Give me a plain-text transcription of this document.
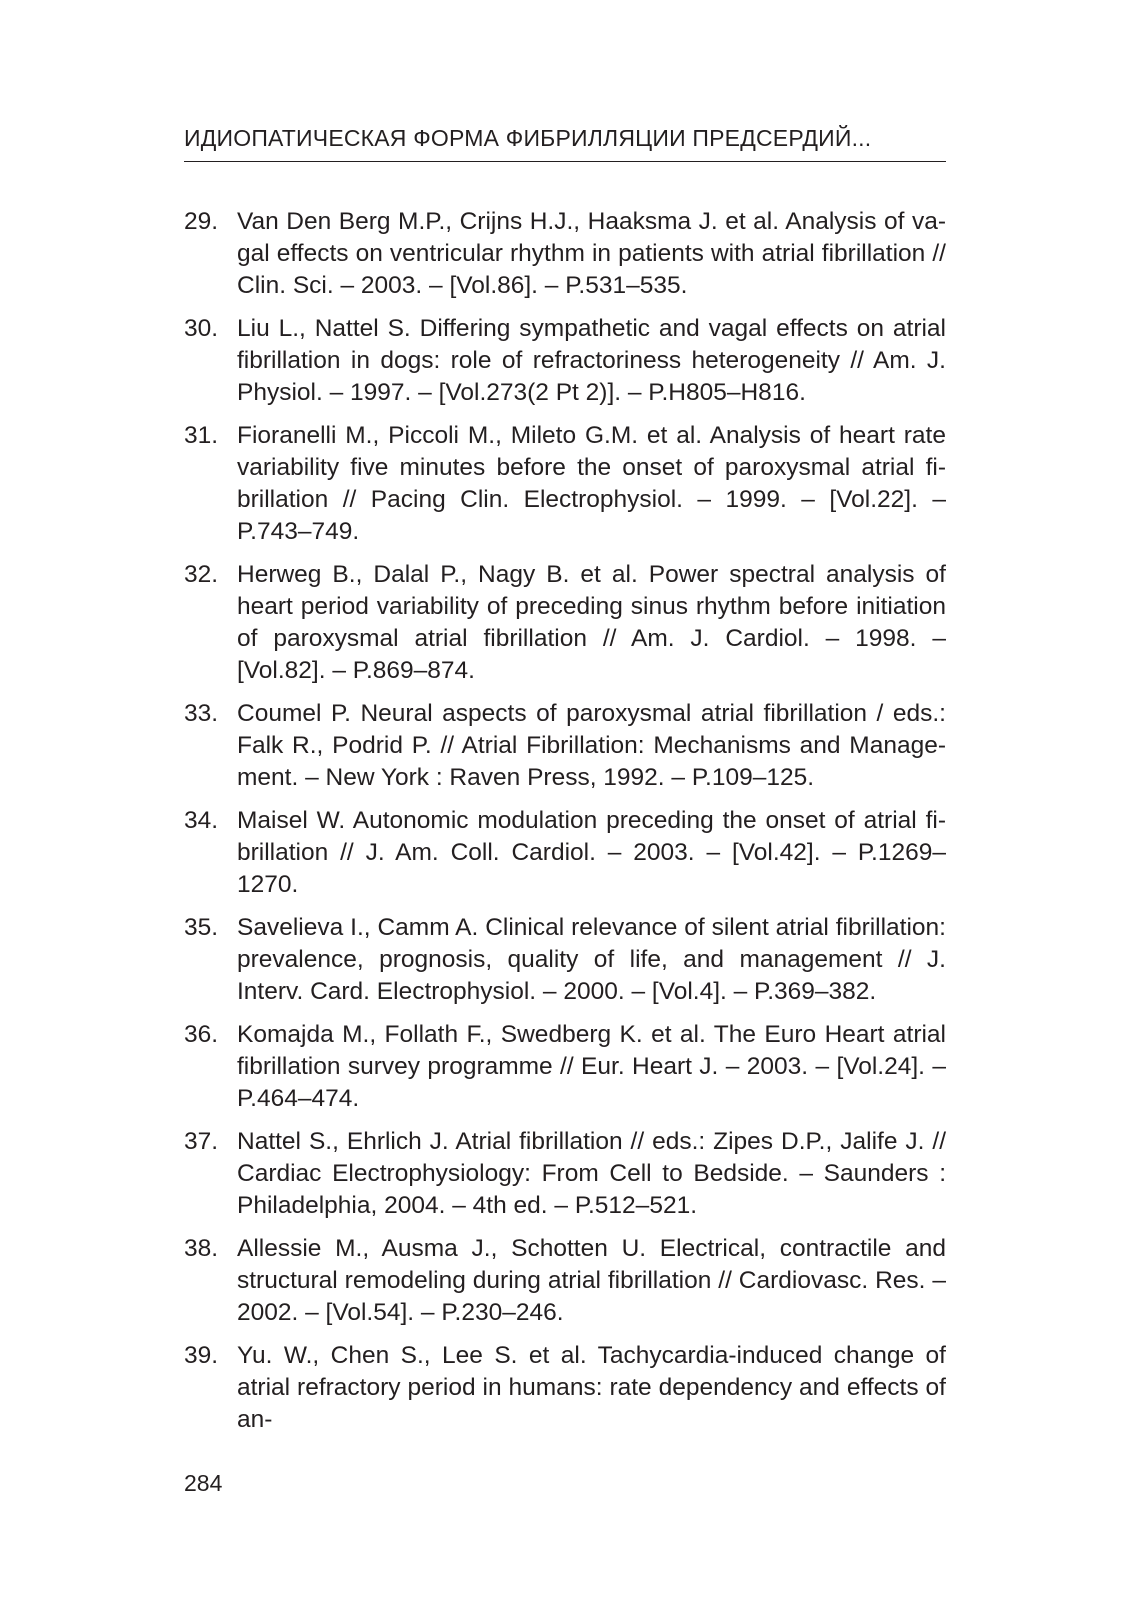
ИДИОПАТИЧЕСКАЯ ФОРМА ФИБРИЛЛЯЦИИ ПРЕДСЕРДИЙ...
29. Van Den Berg M.P., Crijns H.J., Haaksma J. et al. Analysis of vagal effects on ventricular rhythm in patients with atrial fibrillation // Clin. Sci. – 2003. – [Vol.86]. – P.531–535.
30. Liu L., Nattel S. Differing sympathetic and vagal effects on atrial fibrillation in dogs: role of refractoriness heterogeneity // Am. J. Physiol. – 1997. – [Vol.273(2 Pt 2)]. – P.H805–H816.
31. Fioranelli M., Piccoli M., Mileto G.M. et al. Analysis of heart rate variability five minutes before the onset of paroxysmal atrial fibrillation // Pacing Clin. Electrophysiol. – 1999. – [Vol.22]. – P.743–749.
32. Herweg B., Dalal P., Nagy B. et al. Power spectral analysis of heart period variability of preceding sinus rhythm before initiation of paroxysmal atrial fibrillation // Am. J. Cardiol. – 1998. – [Vol.82]. – P.869–874.
33. Coumel P. Neural aspects of paroxysmal atrial fibrillation / eds.: Falk R., Podrid P. // Atrial Fibrillation: Mechanisms and Management. – New York : Raven Press, 1992. – P.109–125.
34. Maisel W. Autonomic modulation preceding the onset of atrial fibrillation // J. Am. Coll. Cardiol. – 2003. – [Vol.42]. – P.1269–1270.
35. Savelieva I., Camm A. Clinical relevance of silent atrial fibrillation: prevalence, prognosis, quality of life, and management // J. Interv. Card. Electrophysiol. – 2000. – [Vol.4]. – P.369–382.
36. Komajda M., Follath F., Swedberg K. et al. The Euro Heart atrial fibrillation survey programme // Eur. Heart J. – 2003. – [Vol.24]. – P.464–474.
37. Nattel S., Ehrlich J. Atrial fibrillation // eds.: Zipes D.P., Jalife J. // Cardiac Electrophysiology: From Cell to Bedside. – Saunders : Philadelphia, 2004. – 4th ed. – P.512–521.
38. Allessie M., Ausma J., Schotten U. Electrical, contractile and structural remodeling during atrial fibrillation // Cardiovasc. Res. – 2002. – [Vol.54]. – P.230–246.
39. Yu. W., Chen S., Lee S. et al. Tachycardia-induced change of atrial refractory period in humans: rate dependency and effects of an-
284
